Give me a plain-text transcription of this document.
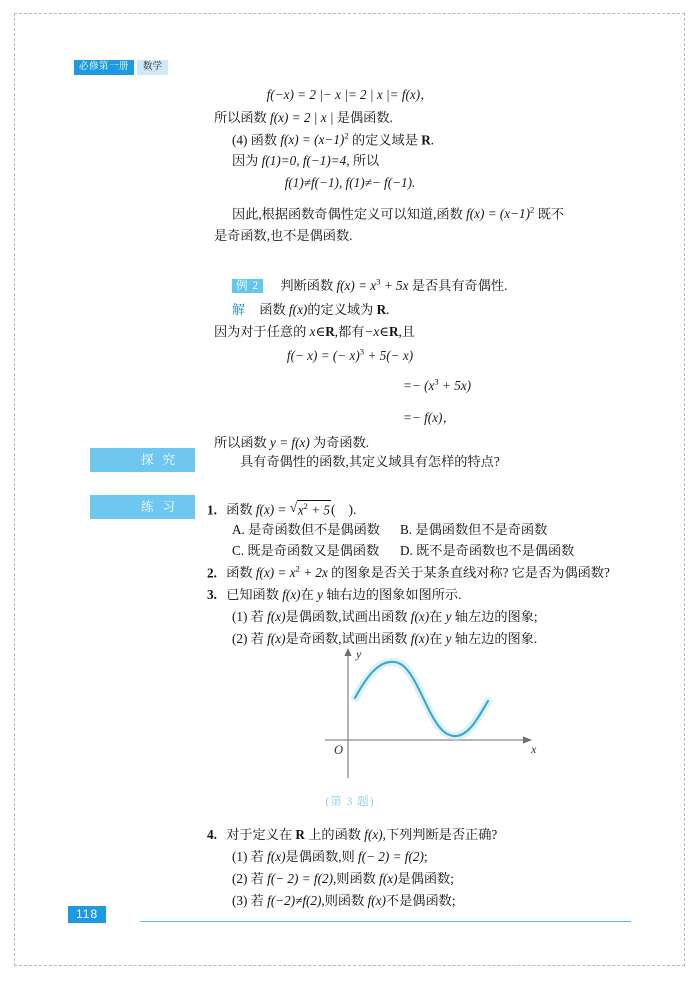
必修第一册	数学
f(−x) = 2 |− x |= 2 | x |= f(x)，
所以函数 f(x) = 2 | x | 是偶函数.
(4) 函数 $f(x) = (x-1)^2$ 的定义域是 R.
因为 f(1)=0, f(−1)=4, 所以
f(1)≠f(−1), f(1)≠− f(−1).
因此,根据函数奇偶性定义可以知道,函数 $f(x) = (x-1)^2$ 既不
是奇函数,也不是偶函数.
例 2 判断函数 $f(x) = x^3 + 5x$ 是否具有奇偶性.
解 函数 f(x)的定义域为 R.
因为对于任意的 x∈R,都有−x∈R,且
f(− x) = (− x)$^3$ + 5(− x)
=− $(x^3 + 5x)$
=− f(x)，
所以函数 y = f(x) 为奇函数.
探究	具有奇偶性的函数,其定义域具有怎样的特点?
练习	1. 函数 f(x) = √ $x^2 + 5$(    ).
A. 是奇函数但不是偶函数 B. 是偶函数但不是奇函数
C. 既是奇函数又是偶函数 D. 既不是奇函数也不是偶函数
2. 函数 $f(x) = x^2 + 2x$ 的图象是否关于某条直线对称? 它是否为偶函数?
3. 已知函数 f(x)在 y 轴右边的图象如图所示.
(1) 若 f(x)是偶函数,试画出函数 f(x)在 y 轴左边的图象;
(2) 若 f(x)是奇函数,试画出函数 f(x)在 y 轴左边的图象.
y
x
O
(第 3 题)
4. 对于定义在 R 上的函数 f(x),下列判断是否正确?
(1) 若 f(x)是偶函数,则 f(− 2) = f(2);
(2) 若 f(− 2) = f(2),则函数 f(x)是偶函数;
(3) 若 f(−2)≠f(2),则函数 f(x)不是偶函数;
118
